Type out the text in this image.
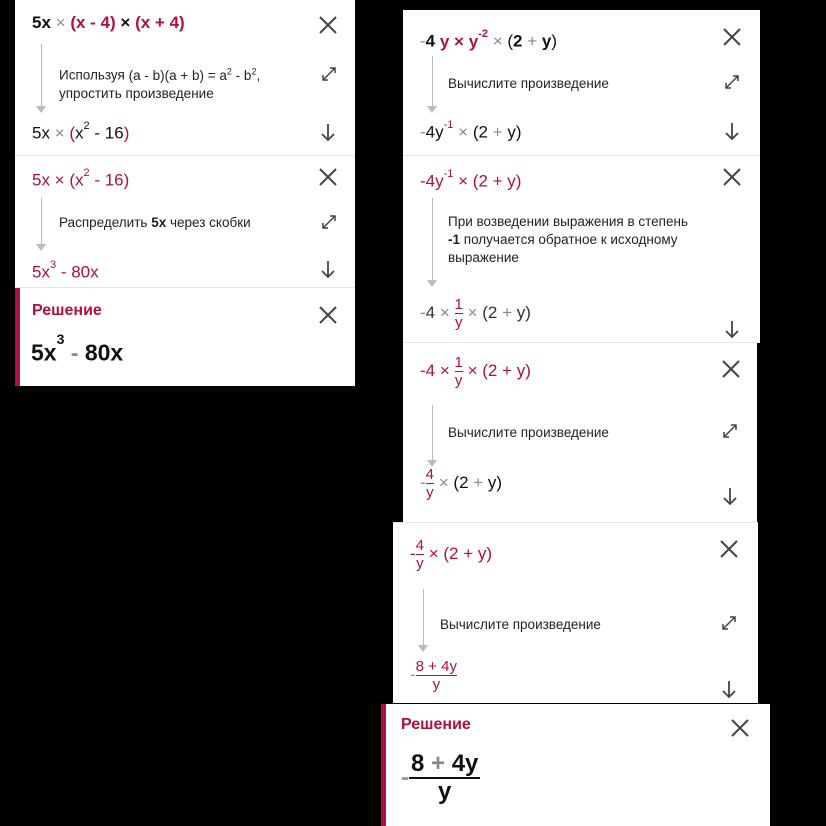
5x × (x - 4) × (x + 4)
Используя $(a - b)(a + b) = a^2 - b^2$,
упростить произведение
$5x \times (x^2 - 16)$
$5x \times (x^2 - 16)$
Распределить 5x через скобки
$5x^3 - 80x$
Решение
$5x^3 - 80x$
-4 $y \times y^{-2} \times (2 + y)$
Вычислите произведение
$-4y^{-1} \times (2 + y)$
$-4y^{-1} \times (2 + y)$
При возведении выражения в степень
-1 получается обратное к исходному
выражение
$-4 \times \frac{1}{y} \times (2 + y)$
$-4 \times \frac{1}{y} \times (2 + y)$
Вычислите произведение
- $\frac{4}{y} \times (2 + y)$
- $\frac{4}{y} \times (2 + y)$
Вычислите произведение
- $\frac{8 + 4y}{y}$
Решение
- $\frac{8 + 4y}{y}$
